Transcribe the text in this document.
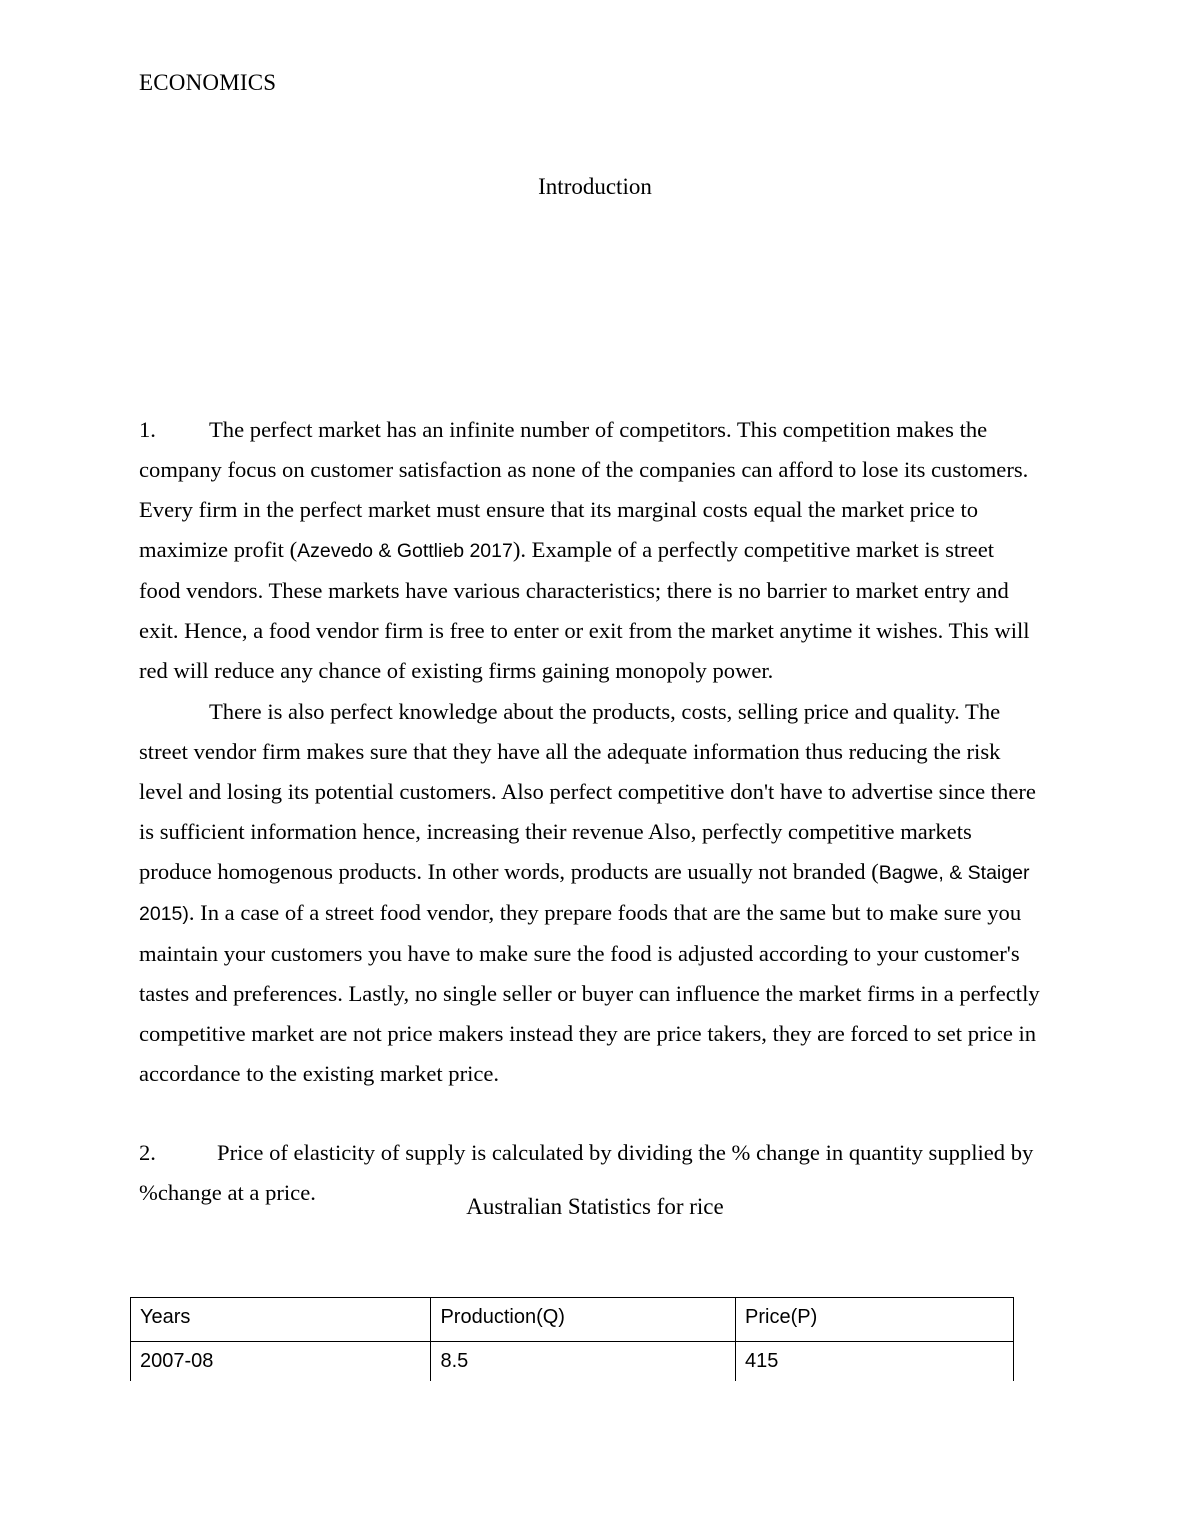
ECONOMICS
Introduction

1. The perfect market has an infinite number of competitors. This competition makes the company focus on customer satisfaction as none of the companies can afford to lose its customers. Every firm in the perfect market must ensure that its marginal costs equal the market price to maximize profit (Azevedo & Gottlieb 2017). Example of a perfectly competitive market is street food vendors. These markets have various characteristics; there is no barrier to market entry and exit. Hence, a food vendor firm is free to enter or exit from the market anytime it wishes. This will red will reduce any chance of existing firms gaining monopoly power.

There is also perfect knowledge about the products, costs, selling price and quality. The street vendor firm makes sure that they have all the adequate information thus reducing the risk level and losing its potential customers. Also perfect competitive don't have to advertise since there is sufficient information hence, increasing their revenue Also, perfectly competitive markets produce homogenous products. In other words, products are usually not branded (Bagwe, & Staiger 2015). In a case of a street food vendor, they prepare foods that are the same but to make sure you maintain your customers you have to make sure the food is adjusted according to your customer's tastes and preferences. Lastly, no single seller or buyer can influence the market firms in a perfectly competitive market are not price makers instead they are price takers, they are forced to set price in accordance to the existing market price.

2.	Price of elasticity of supply is calculated by dividing the % change in quantity supplied by %change at a price.

Australian Statistics for rice
Years	Production(Q)	Price(P)
2007-08	8.5	415
